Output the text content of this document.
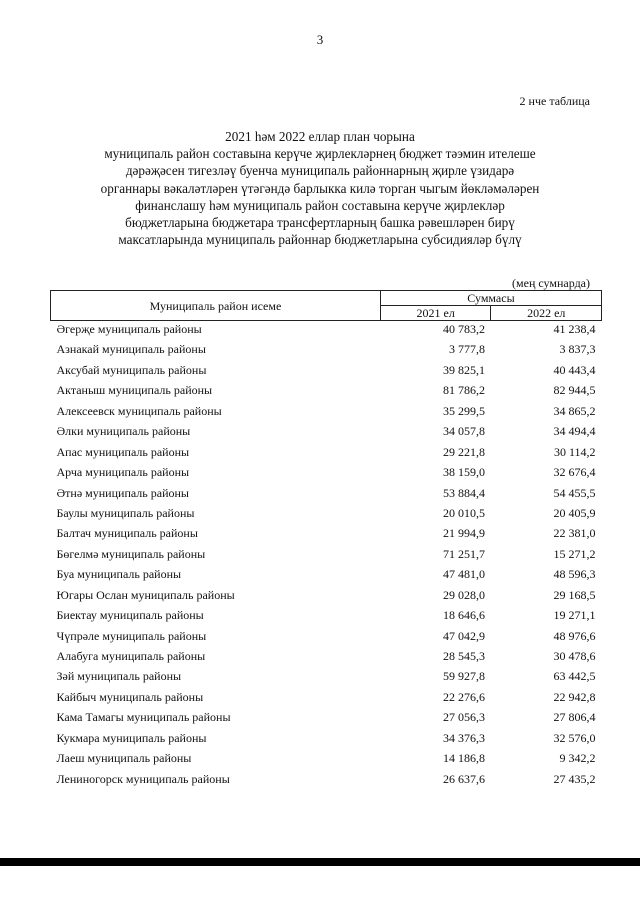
3
2 нче таблица
2021 һәм 2022 еллар план чорына
муниципаль район составына керүче җирлекләрнең бюджет тәэмин ителеше
дәрәҗәсен тигезләү буенча муниципаль районнарның җирле үзидарә
органнары вәкаләтләрен үтәгәндә барлыкка килә торган чыгым йөкләмәләрен
финанслашу һәм муниципаль район составына керүче җирлекләр
бюджетларына бюджетара трансфертларның башка рәвешләрен бирү
максатларында муниципаль районнар бюджетларына субсидияләр бүлү
(мең сумнарда)
Муниципаль район исеме	Суммасы	
	2021 ел	2022 ел
Әгерҗе муниципаль районы	40 783,2	41 238,4
Азнакай муниципаль районы	3 777,8	3 837,3
Аксубай муниципаль районы	39 825,1	40 443,4
Актаныш муниципаль районы	81 786,2	82 944,5
Алексеевск муниципаль районы	35 299,5	34 865,2
Әлки муниципаль районы	34 057,8	34 494,4
Апас муниципаль районы	29 221,8	30 114,2
Арча муниципаль районы	38 159,0	32 676,4
Әтнә муниципаль районы	53 884,4	54 455,5
Баулы муниципаль районы	20 010,5	20 405,9
Балтач муниципаль районы	21 994,9	22 381,0
Бөгелмә муниципаль районы	71 251,7	15 271,2
Буа муниципаль районы	47 481,0	48 596,3
Югары Ослан муниципаль районы	29 028,0	29 168,5
Биектау муниципаль районы	18 646,6	19 271,1
Чүпрәле муниципаль районы	47 042,9	48 976,6
Алабуга муниципаль районы	28 545,3	30 478,6
Зәй муниципаль районы	59 927,8	63 442,5
Кайбыч муниципаль районы	22 276,6	22 942,8
Кама Тамагы муниципаль районы	27 056,3	27 806,4
Кукмара муниципаль районы	34 376,3	32 576,0
Лаеш муниципаль районы	14 186,8	9 342,2
Лениногорск муниципаль районы	26 637,6	27 435,2
